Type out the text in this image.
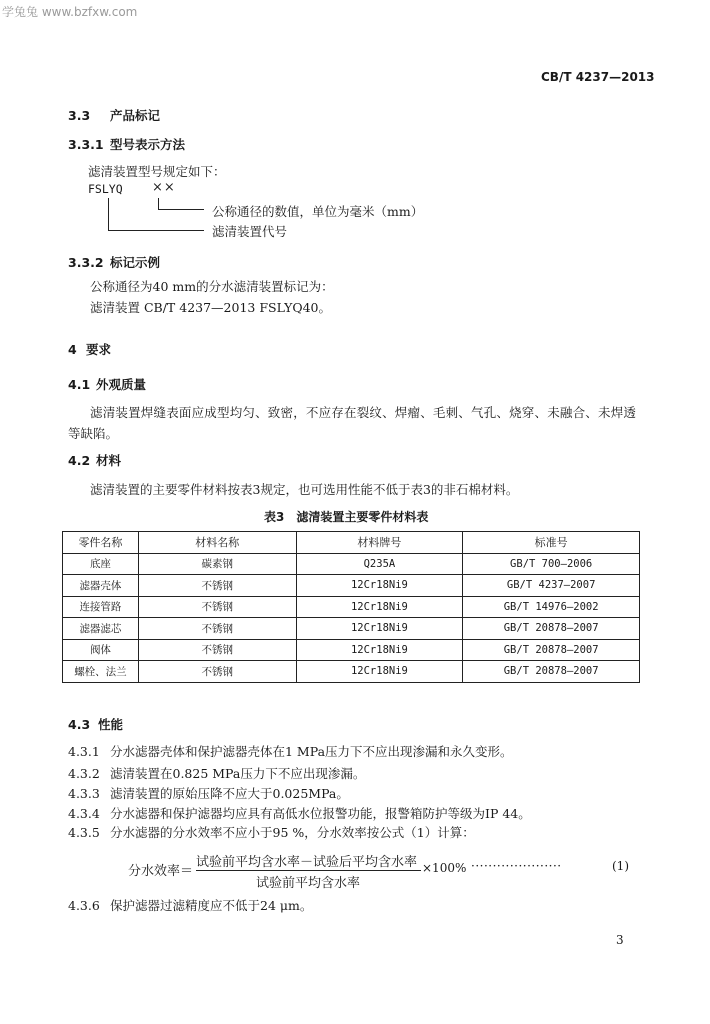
学兔兔 www.bzfxw.com
CB/T 4237—2013
3.3 产品标记
3.3.1 型号表示方法
滤清装置型号规定如下：
FSLYQ ××
公称通径的数值，单位为毫米（mm）
滤清装置代号
3.3.2 标记示例
公称通径为40 mm的分水滤清装置标记为：
滤清装置 CB/T 4237—2013 FSLYQ40。
4 要求
4.1 外观质量
滤清装置焊缝表面应成型均匀、致密，不应存在裂纹、焊瘤、毛刺、气孔、烧穿、未融合、未焊透
等缺陷。
4.2 材料
滤清装置的主要零件材料按表3规定，也可选用性能不低于表3的非石棉材料。
表3　滤清装置主要零件材料表
零件名称	材料名称	材料牌号	标准号
底座	碳素钢	Q235A	GB/T 700—2006
滤器壳体	不锈钢	12Cr18Ni9	GB/T 4237—2007
连接管路	不锈钢	12Cr18Ni9	GB/T 14976—2002
滤器滤芯	不锈钢	12Cr18Ni9	GB/T 20878—2007
阀体	不锈钢	12Cr18Ni9	GB/T 20878—2007
螺栓、法兰	不锈钢	12Cr18Ni9	GB/T 20878—2007
4.3 性能
4.3.1 分水滤器壳体和保护滤器壳体在1 MPa压力下不应出现渗漏和永久变形。
4.3.2 滤清装置在0.825 MPa压力下不应出现渗漏。
4.3.3 滤清装置的原始压降不应大于0.025MPa。
4.3.4 分水滤器和保护滤器均应具有高低水位报警功能，报警箱防护等级为IP 44。
4.3.5 分水滤器的分水效率不应小于95 %，分水效率按公式（1）计算：
分水效率＝
试验前平均含水率－试验后平均含水率
试验前平均含水率
×100% ·····················	(1)
4.3.6 保护滤器过滤精度应不低于24 μm。
3
